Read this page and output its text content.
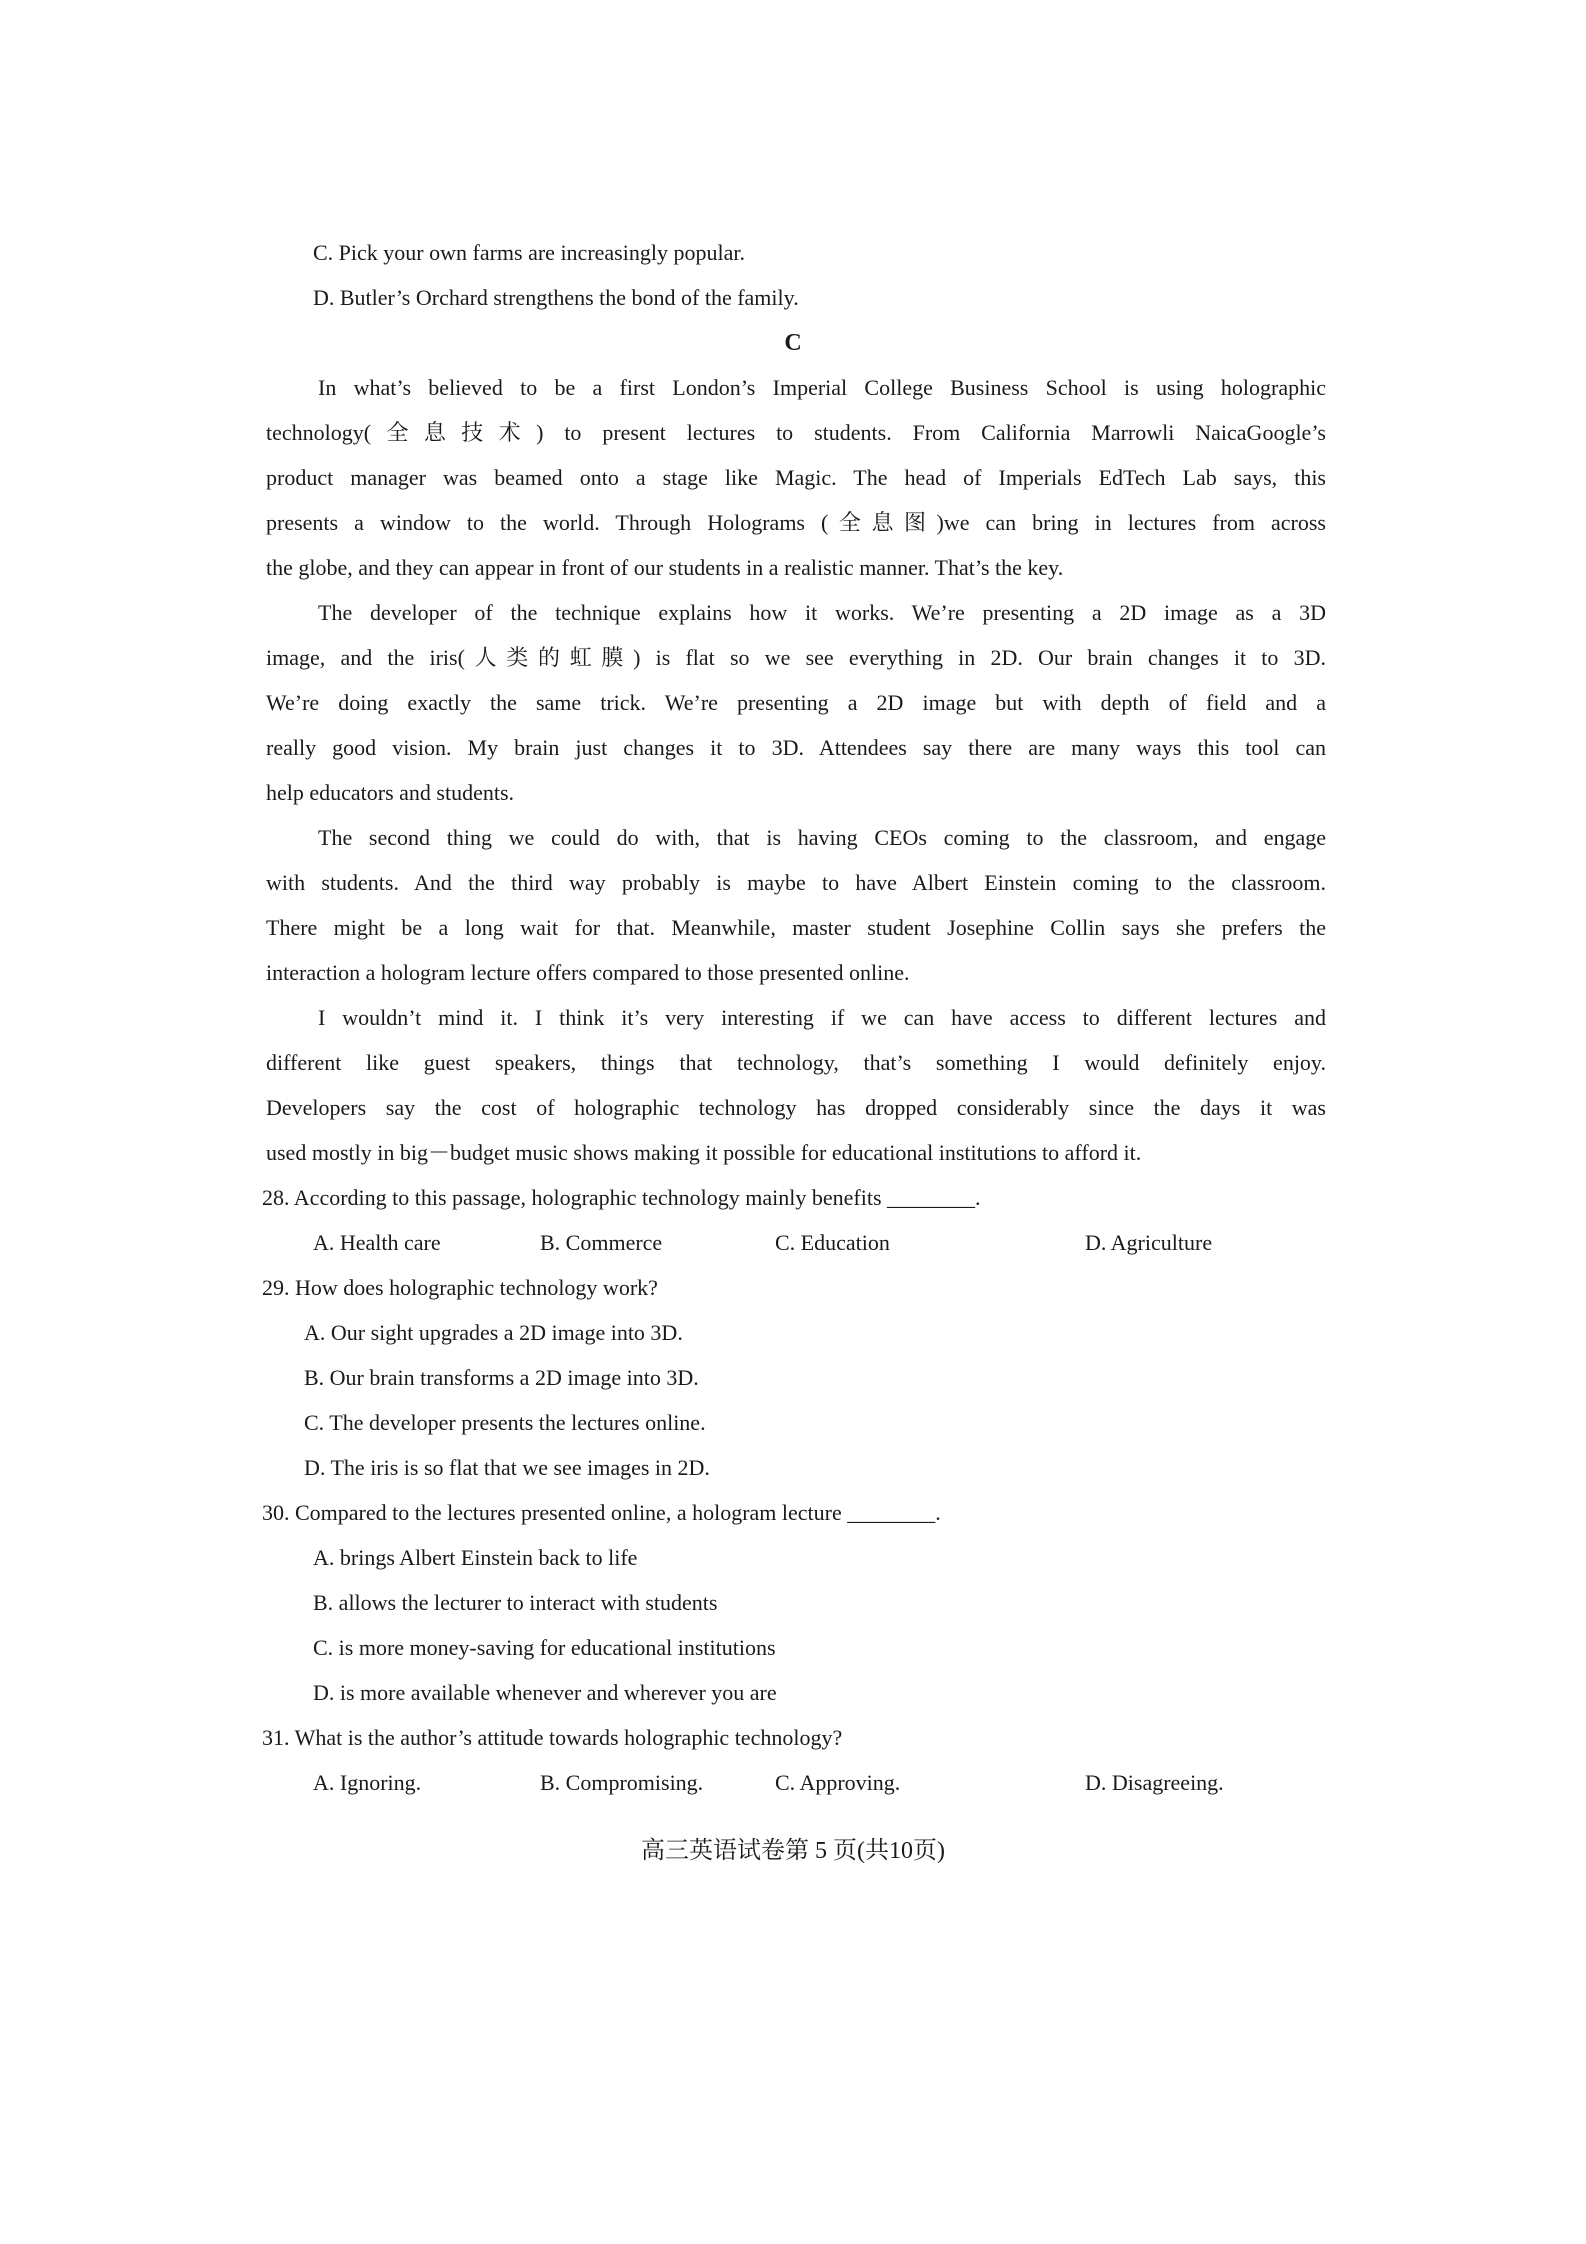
C. Pick your own farms are increasingly popular.
D. Butler’s Orchard strengthens the bond of the family.
C
In what’s believed to be a first London’s Imperial College Business School is using holographic
technology(全息技术) to present lectures to students. From California Marrowli NaicaGoogle’s
product manager was beamed onto a stage like Magic. The head of Imperials EdTech Lab says, this
presents a window to the world. Through Holograms (全息图)we can bring in lectures from across
the globe, and they can appear in front of our students in a realistic manner. That’s the key.
The developer of the technique explains how it works. We’re presenting a 2D image as a 3D
image, and the iris(人类的虹膜) is flat so we see everything in 2D. Our brain changes it to 3D.
We’re doing exactly the same trick. We’re presenting a 2D image but with depth of field and a
really good vision. My brain just changes it to 3D. Attendees say there are many ways this tool can
help educators and students.
The second thing we could do with, that is having CEOs coming to the classroom, and engage
with students. And the third way probably is maybe to have Albert Einstein coming to the classroom.
There might be a long wait for that. Meanwhile, master student Josephine Collin says she prefers the
interaction a hologram lecture offers compared to those presented online.
I wouldn’t mind it. I think it’s very interesting if we can have access to different lectures and
different like guest speakers, things that technology, that’s something I would definitely enjoy.
Developers say the cost of holographic technology has dropped considerably since the days it was
used mostly in big－budget music shows making it possible for educational institutions to afford it.
28. According to this passage, holographic technology mainly benefits ________.
A. Health care	B. Commerce	C. Education	D. Agriculture
29. How does holographic technology work?
A. Our sight upgrades a 2D image into 3D.
B. Our brain transforms a 2D image into 3D.
C. The developer presents the lectures online.
D. The iris is so flat that we see images in 2D.
30. Compared to the lectures presented online, a hologram lecture ________.
A. brings Albert Einstein back to life
B. allows the lecturer to interact with students
C. is more money-saving for educational institutions
D. is more available whenever and wherever you are
31. What is the author’s attitude towards holographic technology?
A. Ignoring.	B. Compromising.	C. Approving.	D. Disagreeing.
高三英语试卷第 5 页(共10页)
